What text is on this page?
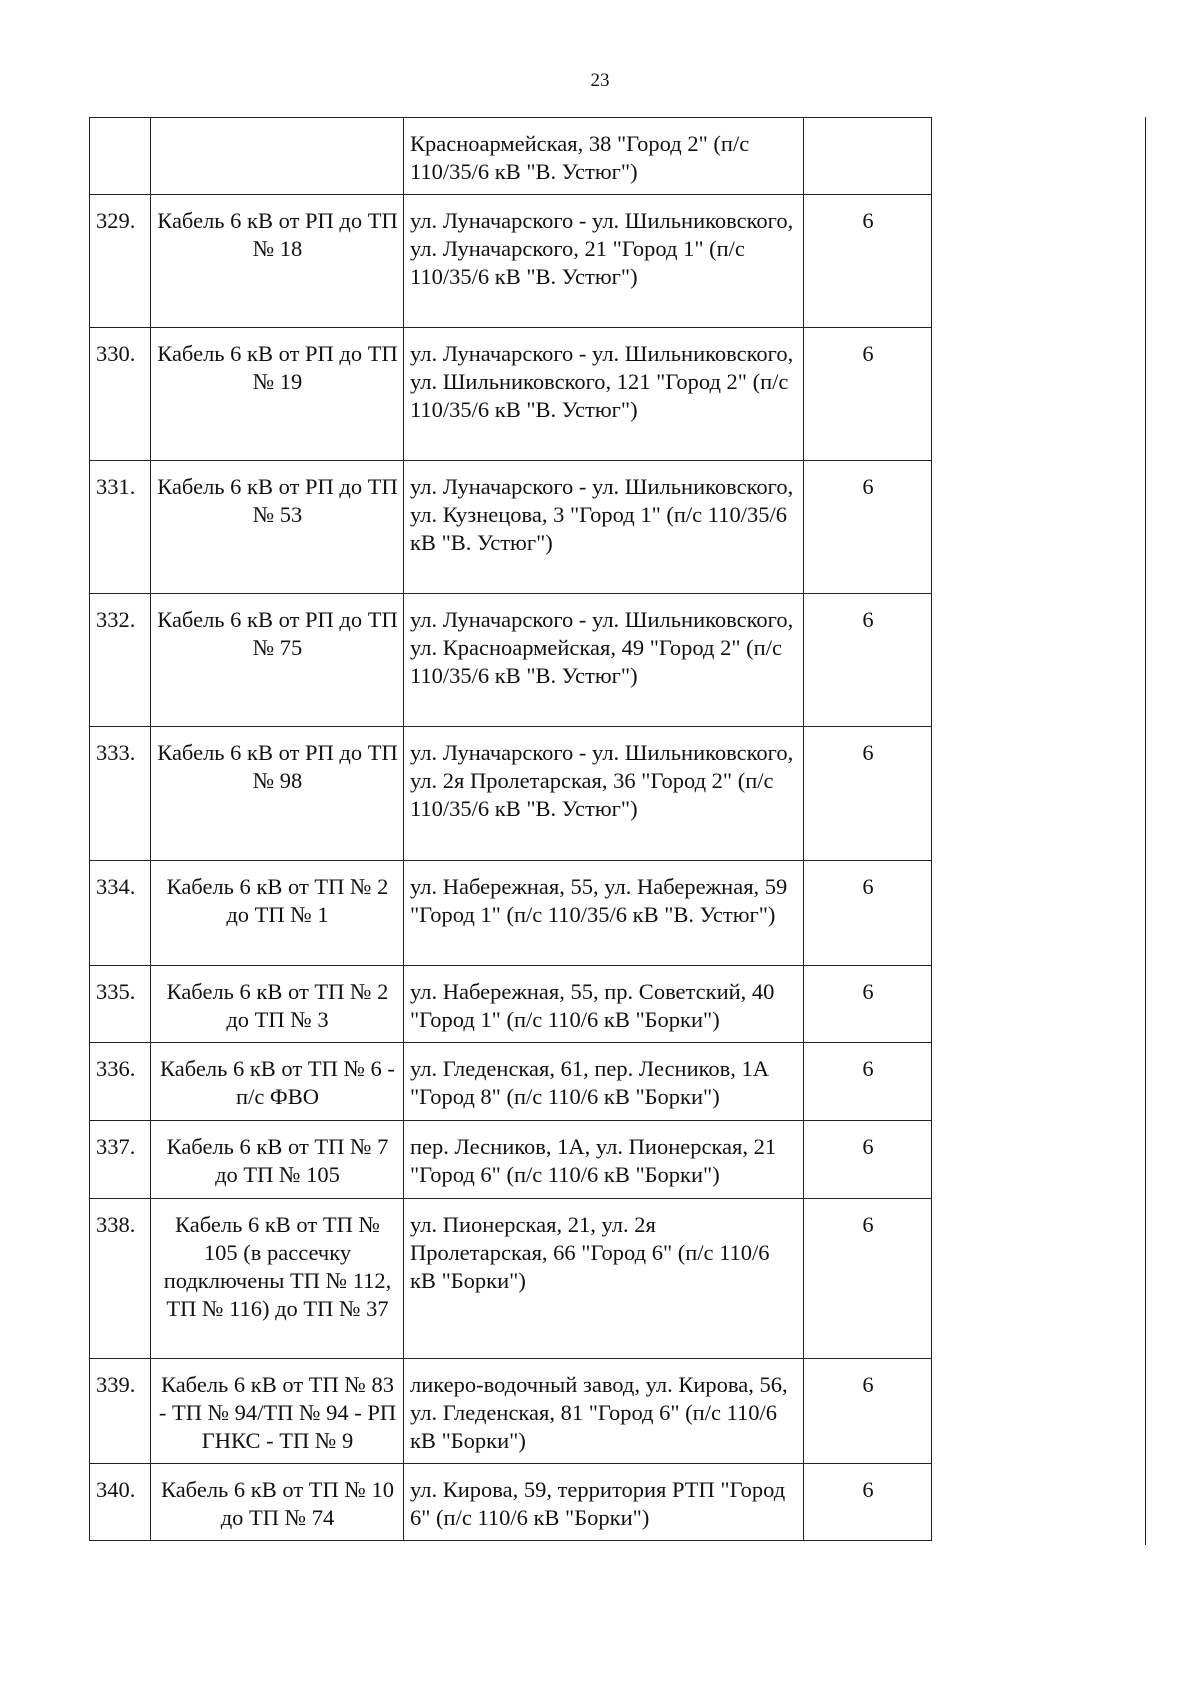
23
		Красноармейская, 38 "Город 2" (п/с 110/35/6 кВ "В. Устюг")	
329.	Кабель 6 кВ от РП до ТП № 18	ул. Луначарского - ул. Шильниковского, ул. Луначарского, 21 "Город 1" (п/с 110/35/6 кВ "В. Устюг")	6
330.	Кабель 6 кВ от РП до ТП № 19	ул. Луначарского - ул. Шильниковского, ул. Шильниковского, 121 "Город 2" (п/с 110/35/6 кВ "В. Устюг")	6
331.	Кабель 6 кВ от РП до ТП № 53	ул. Луначарского - ул. Шильниковского, ул. Кузнецова, 3 "Город 1" (п/с 110/35/6 кВ "В. Устюг")	6
332.	Кабель 6 кВ от РП до ТП № 75	ул. Луначарского - ул. Шильниковского, ул. Красноармейская, 49 "Город 2" (п/с 110/35/6 кВ "В. Устюг")	6
333.	Кабель 6 кВ от РП до ТП № 98	ул. Луначарского - ул. Шильниковского, ул. 2я Пролетарская, 36 "Город 2" (п/с 110/35/6 кВ "В. Устюг")	6
334.	Кабель 6 кВ от ТП № 2 до ТП № 1	ул. Набережная, 55, ул. Набережная, 59 "Город 1" (п/с 110/35/6 кВ "В. Устюг")	6
335.	Кабель 6 кВ от ТП № 2 до ТП № 3	ул. Набережная, 55, пр. Советский, 40 "Город 1" (п/с 110/6 кВ "Борки")	6
336.	Кабель 6 кВ от ТП № 6 - п/с ФВО	ул. Гледенская, 61, пер. Лесников, 1А "Город 8" (п/с 110/6 кВ "Борки")	6
337.	Кабель 6 кВ от ТП № 7 до ТП № 105	пер. Лесников, 1А, ул. Пионерская, 21 "Город 6" (п/с 110/6 кВ "Борки")	6
338.	Кабель 6 кВ от ТП № 105 (в рассечку подключены ТП № 112, ТП № 116) до ТП № 37	ул. Пионерская, 21, ул. 2я Пролетарская, 66 "Город 6" (п/с 110/6 кВ "Борки")	6
339.	Кабель 6 кВ от ТП № 83 - ТП № 94/ТП № 94 - РП ГНКС - ТП № 9	ликеро-водочный завод, ул. Кирова, 56, ул. Гледенская, 81 "Город 6" (п/с 110/6 кВ "Борки")	6
340.	Кабель 6 кВ от ТП № 10 до ТП № 74	ул. Кирова, 59, территория РТП "Город 6" (п/с 110/6 кВ "Борки")	6
